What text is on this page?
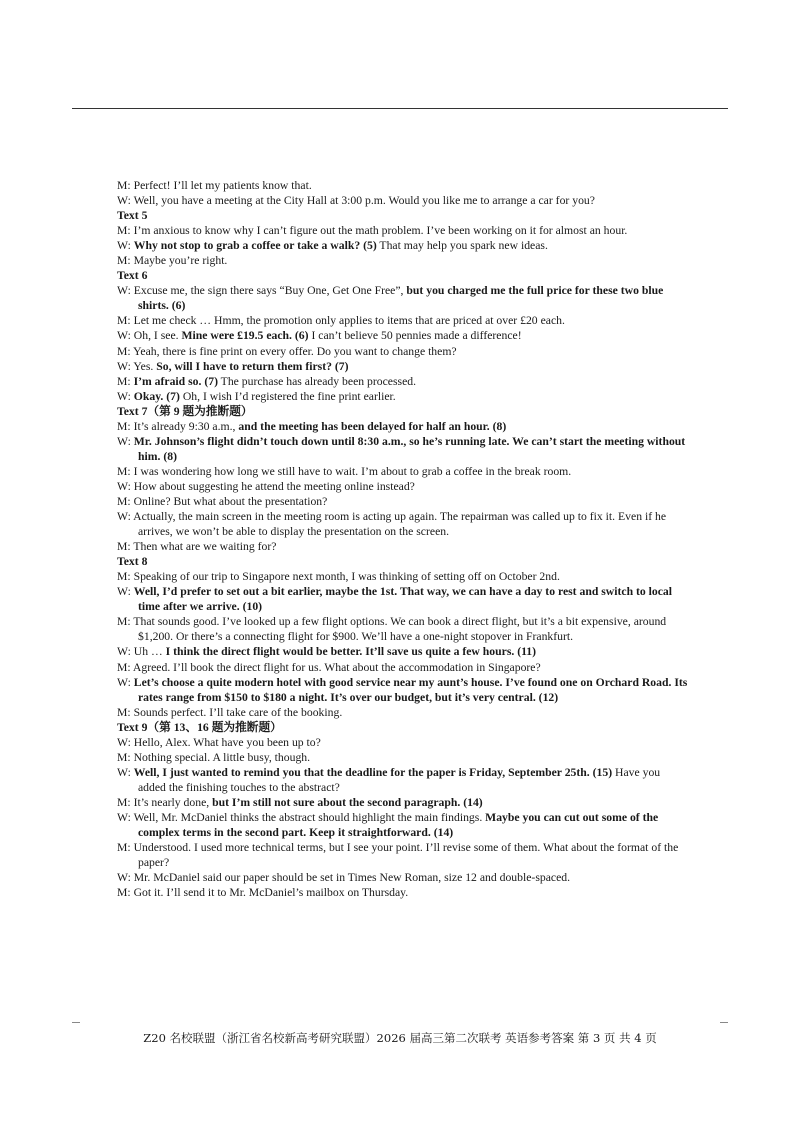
M: Perfect! I’ll let my patients know that.
W: Well, you have a meeting at the City Hall at 3:00 p.m. Would you like me to arrange a car for you?
Text 5
M: I’m anxious to know why I can’t figure out the math problem. I’ve been working on it for almost an hour.
W: Why not stop to grab a coffee or take a walk? (5) That may help you spark new ideas.
M: Maybe you’re right.
Text 6
W: Excuse me, the sign there says “Buy One, Get One Free”, but you charged me the full price for these two blue shirts. (6)
M: Let me check … Hmm, the promotion only applies to items that are priced at over £20 each.
W: Oh, I see. Mine were £19.5 each. (6) I can’t believe 50 pennies made a difference!
M: Yeah, there is fine print on every offer. Do you want to change them?
W: Yes. So, will I have to return them first? (7)
M: I’m afraid so. (7) The purchase has already been processed.
W: Okay. (7) Oh, I wish I’d registered the fine print earlier.
Text 7（第 9 题为推断题）
M: It’s already 9:30 a.m., and the meeting has been delayed for half an hour. (8)
W: Mr. Johnson’s flight didn’t touch down until 8:30 a.m., so he’s running late. We can’t start the meeting without him. (8)
M: I was wondering how long we still have to wait. I’m about to grab a coffee in the break room.
W: How about suggesting he attend the meeting online instead?
M: Online? But what about the presentation?
W: Actually, the main screen in the meeting room is acting up again. The repairman was called up to fix it. Even if he arrives, we won’t be able to display the presentation on the screen.
M: Then what are we waiting for?
Text 8
M: Speaking of our trip to Singapore next month, I was thinking of setting off on October 2nd.
W: Well, I’d prefer to set out a bit earlier, maybe the 1st. That way, we can have a day to rest and switch to local time after we arrive. (10)
M: That sounds good. I’ve looked up a few flight options. We can book a direct flight, but it’s a bit expensive, around $1,200. Or there’s a connecting flight for $900. We’ll have a one-night stopover in Frankfurt.
W: Uh … I think the direct flight would be better. It’ll save us quite a few hours. (11)
M: Agreed. I’ll book the direct flight for us. What about the accommodation in Singapore?
W: Let’s choose a quite modern hotel with good service near my aunt’s house. I’ve found one on Orchard Road. Its rates range from $150 to $180 a night. It’s over our budget, but it’s very central. (12)
M: Sounds perfect. I’ll take care of the booking.
Text 9（第 13、16 题为推断题）
W: Hello, Alex. What have you been up to?
M: Nothing special. A little busy, though.
W: Well, I just wanted to remind you that the deadline for the paper is Friday, September 25th. (15) Have you added the finishing touches to the abstract?
M: It’s nearly done, but I’m still not sure about the second paragraph. (14)
W: Well, Mr. McDaniel thinks the abstract should highlight the main findings. Maybe you can cut out some of the complex terms in the second part. Keep it straightforward. (14)
M: Understood. I used more technical terms, but I see your point. I’ll revise some of them. What about the format of the paper?
W: Mr. McDaniel said our paper should be set in Times New Roman, size 12 and double-spaced.
M: Got it. I’ll send it to Mr. McDaniel’s mailbox on Thursday.
Z20 名校联盟（浙江省名校新高考研究联盟）2026 届高三第二次联考 英语参考答案 第 3 页 共 4 页
